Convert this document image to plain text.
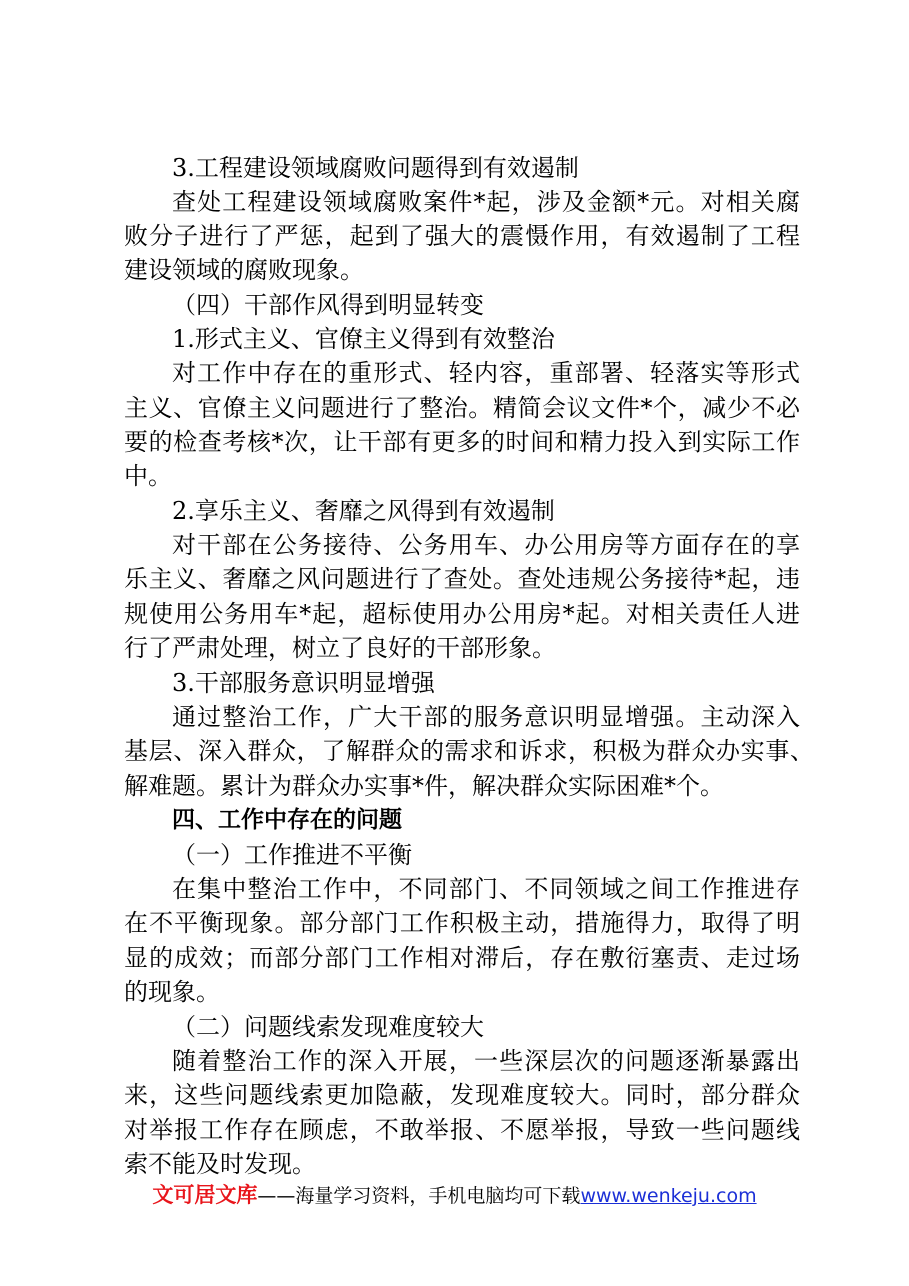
3.工程建设领域腐败问题得到有效遏制
查处工程建设领域腐败案件*起，涉及金额*元。对相关腐
败分子进行了严惩，起到了强大的震慑作用，有效遏制了工程
建设领域的腐败现象。
（四）干部作风得到明显转变
1.形式主义、官僚主义得到有效整治
对工作中存在的重形式、轻内容，重部署、轻落实等形式
主义、官僚主义问题进行了整治。精简会议文件*个，减少不必
要的检查考核*次，让干部有更多的时间和精力投入到实际工作
中。
2.享乐主义、奢靡之风得到有效遏制
对干部在公务接待、公务用车、办公用房等方面存在的享
乐主义、奢靡之风问题进行了查处。查处违规公务接待*起，违
规使用公务用车*起，超标使用办公用房*起。对相关责任人进
行了严肃处理，树立了良好的干部形象。
3.干部服务意识明显增强
通过整治工作，广大干部的服务意识明显增强。主动深入
基层、深入群众，了解群众的需求和诉求，积极为群众办实事、
解难题。累计为群众办实事*件，解决群众实际困难*个。
四、工作中存在的问题
（一）工作推进不平衡
在集中整治工作中，不同部门、不同领域之间工作推进存
在不平衡现象。部分部门工作积极主动，措施得力，取得了明
显的成效；而部分部门工作相对滞后，存在敷衍塞责、走过场
的现象。
（二）问题线索发现难度较大
随着整治工作的深入开展，一些深层次的问题逐渐暴露出
来，这些问题线索更加隐蔽，发现难度较大。同时，部分群众
对举报工作存在顾虑，不敢举报、不愿举报，导致一些问题线
索不能及时发现。
文可居文库——海量学习资料，手机电脑均可下载www.wenkeju.com
